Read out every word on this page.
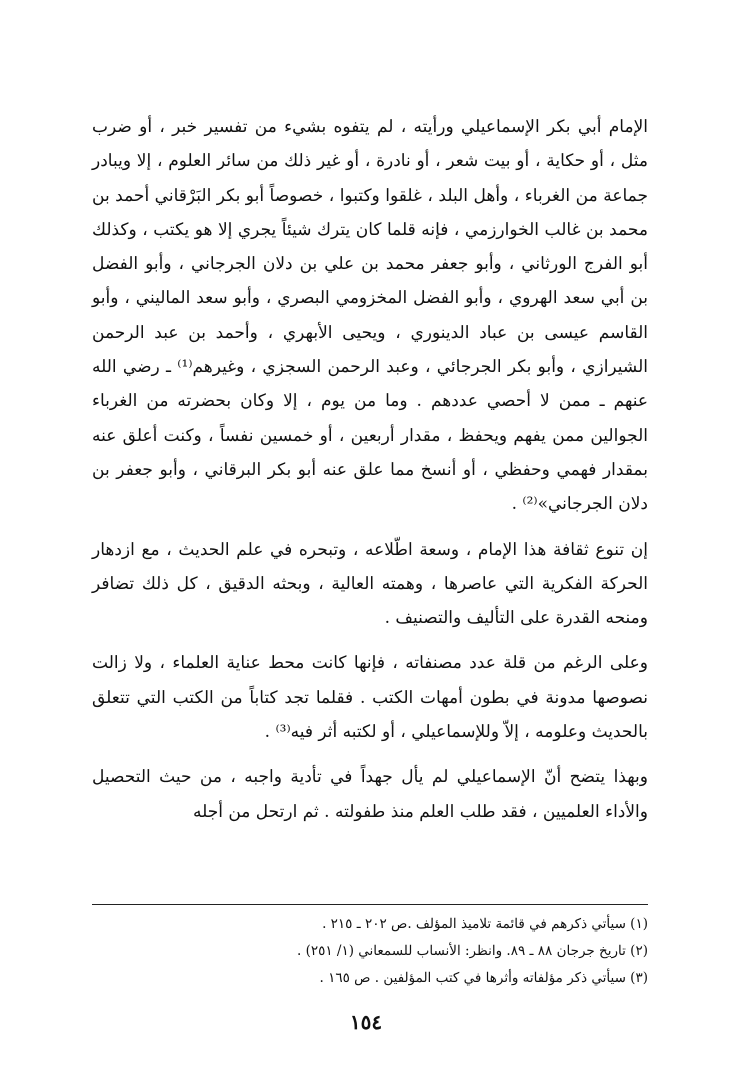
الإمام أبي بكر الإسماعيلي ورأيته ، لم يتفوه بشيء من تفسير خبر ، أو ضرب مثل ، أو حكاية ، أو بيت شعر ، أو نادرة ، أو غير ذلك من سائر العلوم ، إلا ويبادر جماعة من الغرباء ، وأهل البلد ، غلقوا وكتبوا ، خصوصاً أبو بكر البَرْقاني أحمد بن محمد بن غالب الخوارزمي ، فإنه قلما كان يترك شيئاً يجري إلا هو يكتب ، وكذلك أبو الفرج الورثاني ، وأبو جعفر محمد بن علي بن دلان الجرجاني ، وأبو الفضل بن أبي سعد الهروي ، وأبو الفضل المخزومي البصري ، وأبو سعد الماليني ، وأبو القاسم عيسى بن عباد الدينوري ، ويحيى الأبهري ، وأحمد بن عبد الرحمن الشيرازي ، وأبو بكر الجرجائي ، وعبد الرحمن السجزي ، وغيرهم⁽¹⁾ ـ رضي الله عنهم ـ ممن لا أحصي عددهم . وما من يوم ، إلا وكان بحضرته من الغرباء الجوالين ممن يفهم ويحفظ ، مقدار أربعين ، أو خمسين نفساً ، وكنت أعلق عنه بمقدار فهمي وحفظي ، أو أنسخ مما علق عنه أبو بكر البرقاني ، وأبو جعفر بن دلان الجرجاني»⁽²⁾ .

إن تنوع ثقافة هذا الإمام ، وسعة اطّلاعه ، وتبحره في علم الحديث ، مع ازدهار الحركة الفكرية التي عاصرها ، وهمته العالية ، وبحثه الدقيق ، كل ذلك تضافر ومنحه القدرة على التأليف والتصنيف .

وعلى الرغم من قلة عدد مصنفاته ، فإنها كانت محط عناية العلماء ، ولا زالت نصوصها مدونة في بطون أمهات الكتب . فقلما تجد كتاباً من الكتب التي تتعلق بالحديث وعلومه ، إلاّ وللإسماعيلي ، أو لكتبه أثر فيه⁽³⁾ .

وبهذا يتضح أنّ الإسماعيلي لم يأل جهداً في تأدية واجبه ، من حيث التحصيل والأداء العلميين ، فقد طلب العلم منذ طفولته . ثم ارتحل من أجله

(١) سيأتي ذكرهم في قائمة تلاميذ المؤلف .ص ٢٠٢ ـ ٢١٥ .

(٢) تاريخ جرجان ٨٨ ـ ٨٩. وانظر: الأنساب للسمعاني (١/ ٢٥١) .

(٣) سيأتي ذكر مؤلفاته وأثرها في كتب المؤلفين . ص ١٦٥ .

١٥٤
